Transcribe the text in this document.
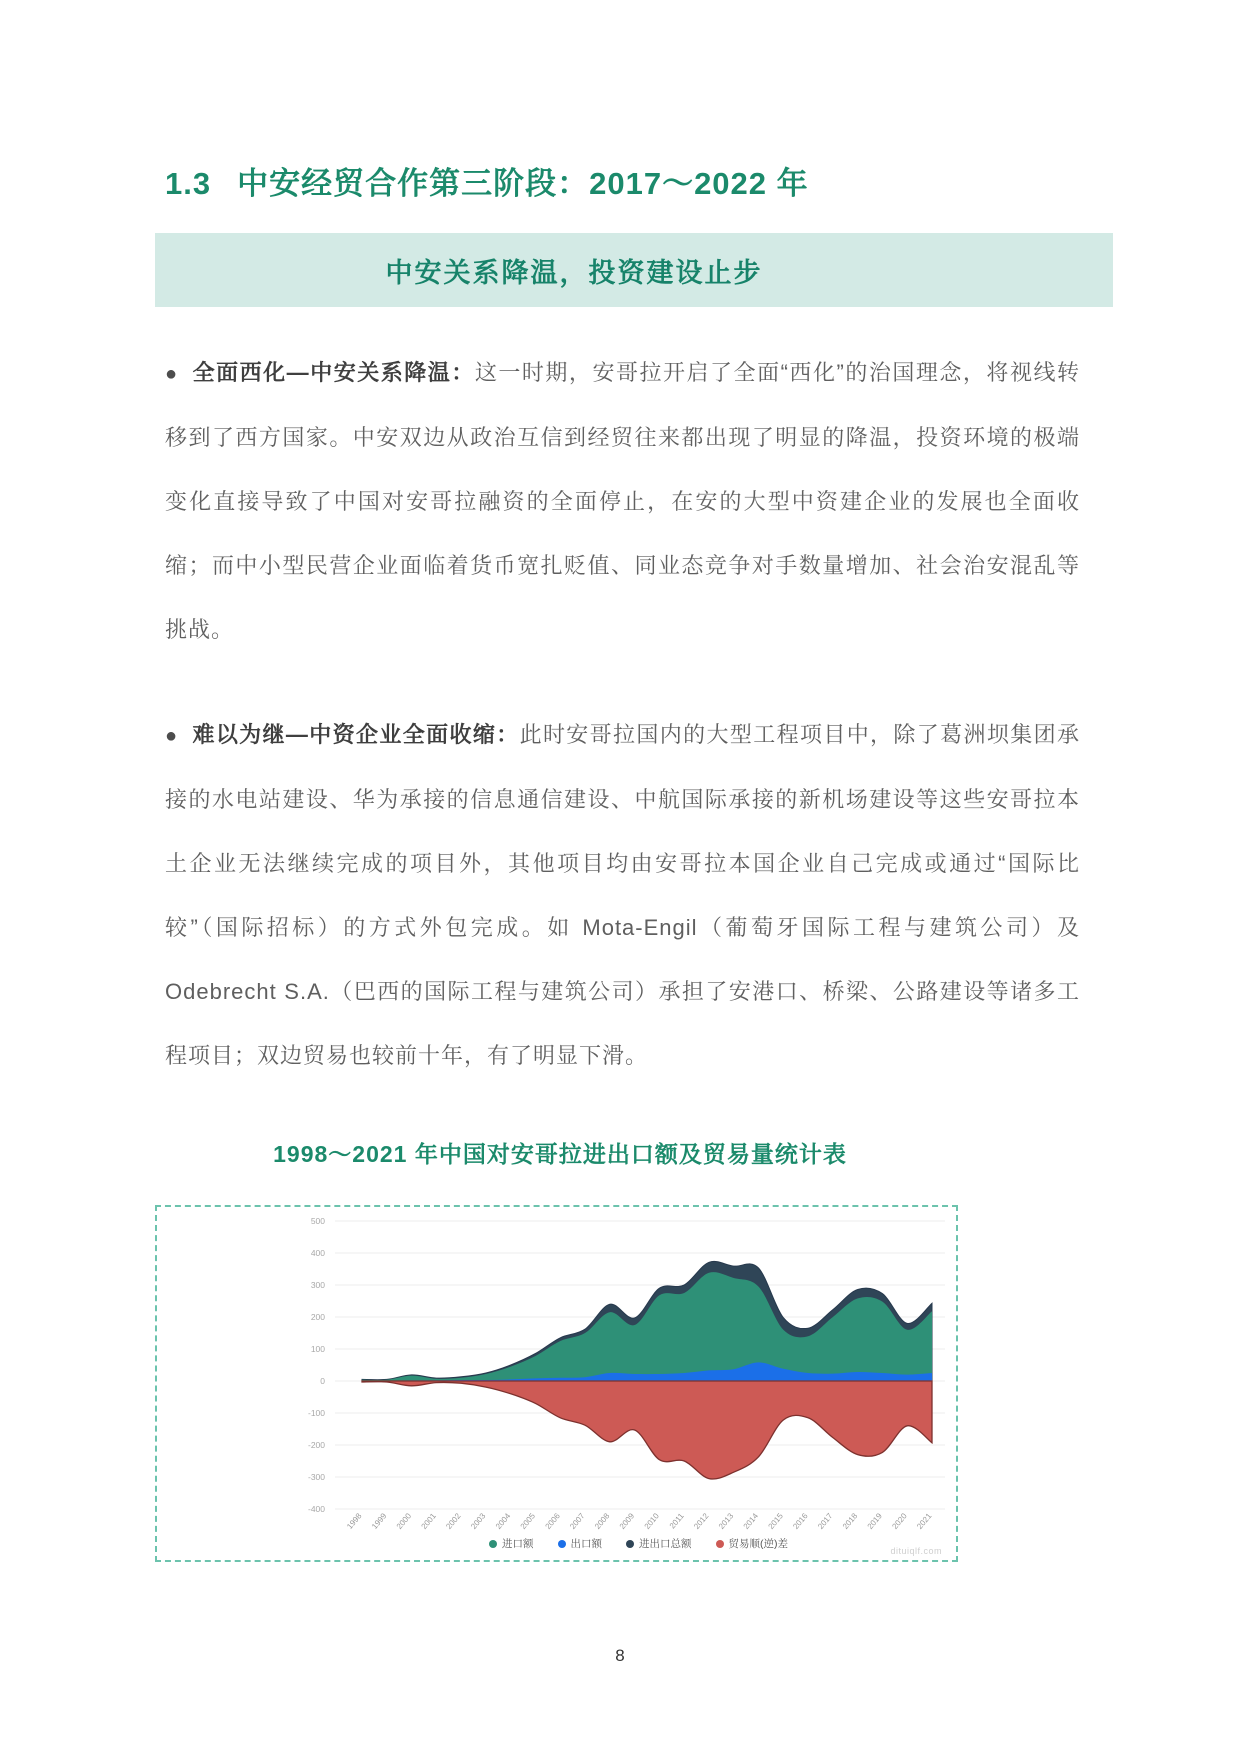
1.3 中安经贸合作第三阶段：2017～2022 年
中安关系降温，投资建设止步
● 全面西化—中安关系降温：这一时期，安哥拉开启了全面“西化”的治国理念，将视线转移到了西方国家。中安双边从政治互信到经贸往来都出现了明显的降温，投资环境的极端变化直接导致了中国对安哥拉融资的全面停止，在安的大型中资建企业的发展也全面收缩；而中小型民营企业面临着货币宽扎贬值、同业态竞争对手数量增加、社会治安混乱等挑战。
● 难以为继—中资企业全面收缩：此时安哥拉国内的大型工程项目中，除了葛洲坝集团承接的水电站建设、华为承接的信息通信建设、中航国际承接的新机场建设等这些安哥拉本土企业无法继续完成的项目外，其他项目均由安哥拉本国企业自己完成或通过“国际比较”（国际招标）的方式外包完成。如 Mota-Engil（葡萄牙国际工程与建筑公司）及 Odebrecht S.A.（巴西的国际工程与建筑公司）承担了安港口、桥梁、公路建设等诸多工程项目；双边贸易也较前十年，有了明显下滑。
1998～2021 年中国对安哥拉进出口额及贸易量统计表
500
400
300
200
100
0
-100
-200
-300
-400
1998 1999 2000 2001 2002 2003 2004 2005 2006 2007 2008 2009 2010 2011 2012 2013 2014 2015 2016 2017 2018 2019 2020 2021
进口额	出口额	进出口总额	贸易顺(逆)差
dituiqlf.com
8
